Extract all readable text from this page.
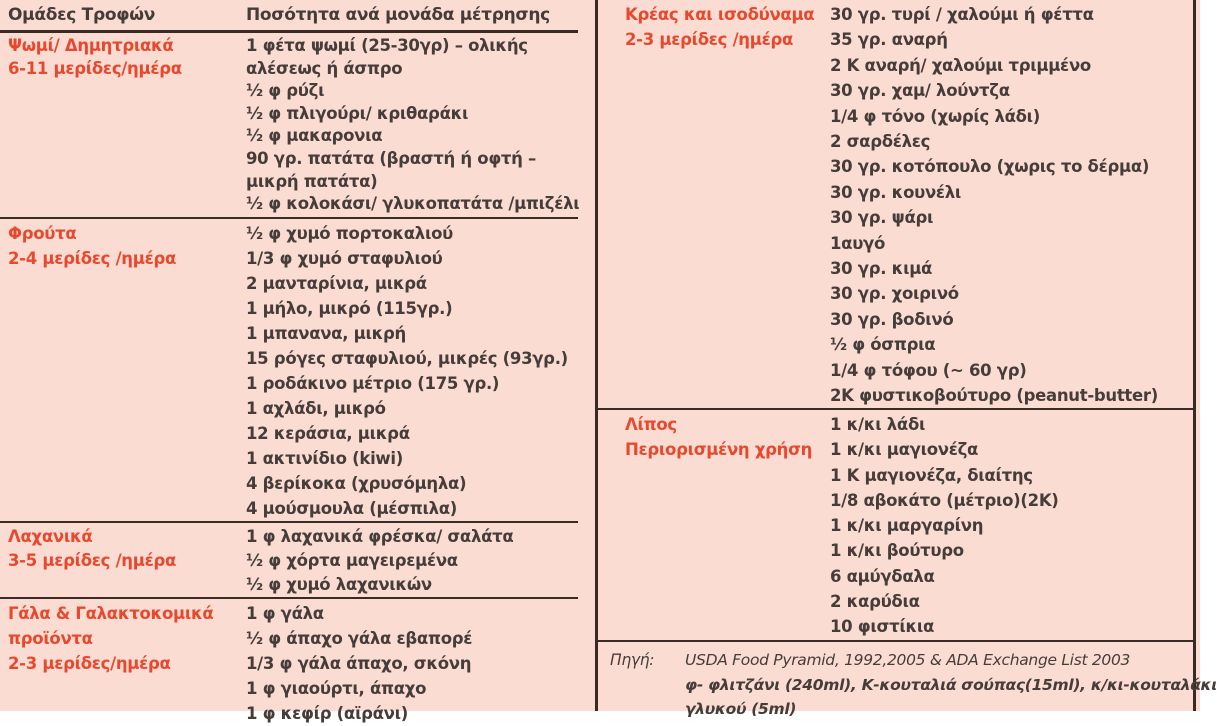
Ομάδες Τροφών	Ποσότητα ανά μονάδα μέτρησης
Ψωμί/ Δημητριακά
6-11 μερίδες/ημέρα
1 φέτα ψωμί (25-30γρ) – ολικής
αλέσεως ή άσπρο
½ φ ρύζι
½ φ πλιγούρι/ κριθαράκι
½ φ μακαρονια
90 γρ. πατάτα (βραστή ή οφτή –
μικρή πατάτα)
½ φ κολοκάσι/ γλυκοπατάτα /μπιζέλι
Φρούτα
2-4 μερίδες /ημέρα
½ φ χυμό πορτοκαλιού
1/3 φ χυμό σταφυλιού
2 μανταρίνια, μικρά
1 μήλο, μικρό (115γρ.)
1 μπανανα, μικρή
15 ρόγες σταφυλιού, μικρές (93γρ.)
1 ροδάκινο μέτριο (175 γρ.)
1 αχλάδι, μικρό
12 κεράσια, μικρά
1 ακτινίδιο (kiwi)
4 βερίκοκα (χρυσόμηλα)
4 μούσμουλα (μέσπιλα)
Λαχανικά
3-5 μερίδες /ημέρα
1 φ λαχανικά φρέσκα/ σαλάτα
½ φ χόρτα μαγειρεμένα
½ φ χυμό λαχανικών
Γάλα & Γαλακτοκομικά
προϊόντα
2-3 μερίδες/ημέρα
1 φ γάλα
½ φ άπαχο γάλα εβαπορέ
1/3 φ γάλα άπαχο, σκόνη
1 φ γιαούρτι, άπαχο
1 φ κεφίρ (αϊράνι)
Κρέας και ισοδύναμα
2-3 μερίδες /ημέρα
30 γρ. τυρί / χαλούμι ή φέττα
35 γρ. αναρή
2 Κ αναρή/ χαλούμι τριμμένο
30 γρ. χαμ/ λούντζα
1/4 φ τόνο (χωρίς λάδι)
2 σαρδέλες
30 γρ. κοτόπουλο (χωρις το δέρμα)
30 γρ. κουνέλι
30 γρ. ψάρι
1αυγό
30 γρ. κιμά
30 γρ. χοιρινό
30 γρ. βοδινό
½ φ όσπρια
1/4 φ τόφου (~ 60 γρ)
2Κ φυστικοβούτυρο (peanut-butter)
Λίπος
Περιορισμένη χρήση
1 κ/κι λάδι
1 κ/κι μαγιονέζα
1 Κ μαγιονέζα, διαίτης
1/8 αβοκάτο (μέτριο)(2Κ)
1 κ/κι μαργαρίνη
1 κ/κι βούτυρο
6 αμύγδαλα
2 καρύδια
10 φιστίκια
Πηγή:	USDA Food Pyramid, 1992,2005 & ADA Exchange List 2003
φ- φλιτζάνι (240ml), Κ-κουταλιά σούπας(15ml), κ/κι-κουταλάκι
γλυκού (5ml)
